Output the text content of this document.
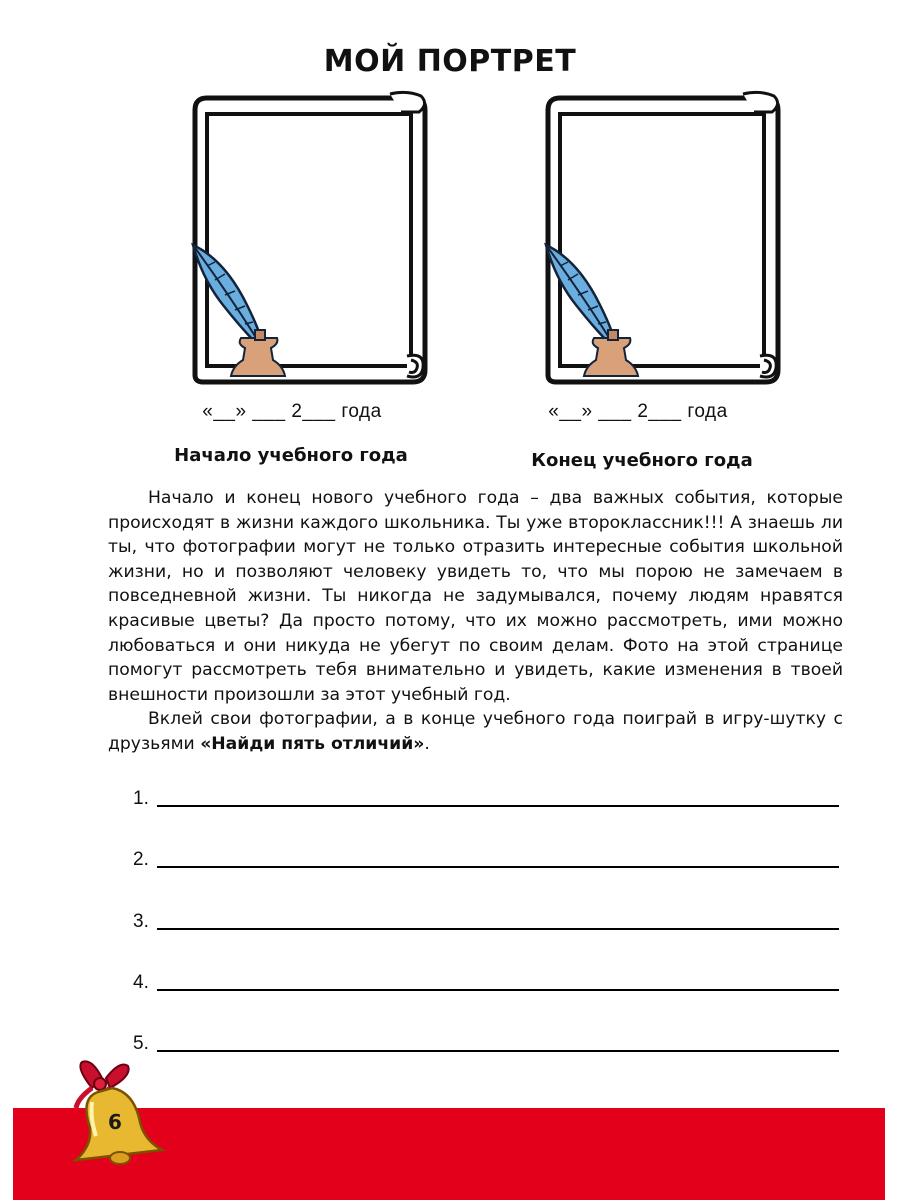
МОЙ ПОРТРЕТ
«__» ___ 2___ года	«__» ___ 2___ года
Начало учебного года	Конец учебного года

Начало и конец нового учебного года – два важных события, которые происходят в жизни каждого школьника. Ты уже второклассник!!! А знаешь ли ты, что фотографии могут не только отразить интересные события школьной жизни, но и позволяют человеку увидеть то, что мы порою не замечаем в повседневной жизни. Ты никогда не задумывался, почему людям нравятся красивые цветы? Да просто потому, что их можно рассмотреть, ими можно любоваться и они никуда не убегут по своим делам. Фото на этой странице помогут рассмотреть тебя внимательно и увидеть, какие изменения в твоей внешности произошли за этот учебный год.

Вклей свои фотографии, а в конце учебного года поиграй в игру-шутку с друзьями «Найди пять отличий».

1.
2.
3.
4.
5.
6
